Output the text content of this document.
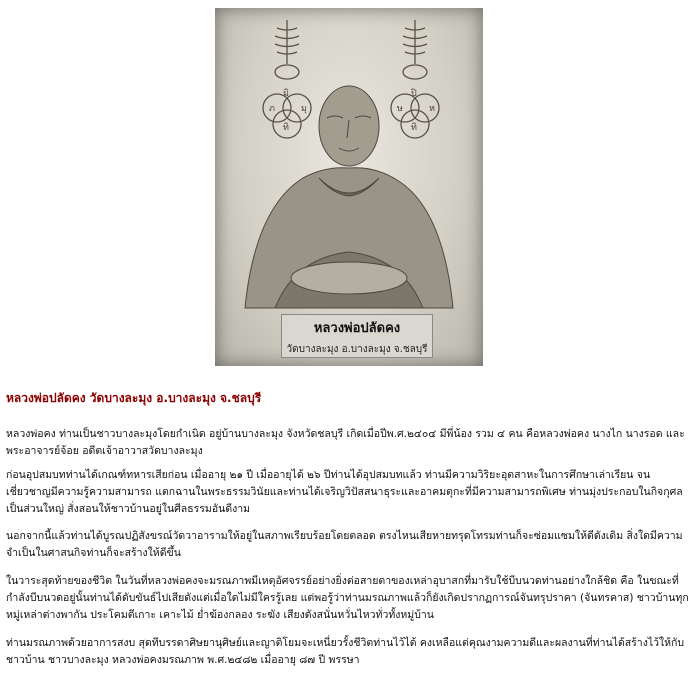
ภ
มิ
มุ
ทิ
ษ
ปิ
ห
ทิ
หลวงพ่อปลัดคง
วัดบางละมุง อ.บางละมุง จ.ชลบุรี
หลวงพ่อปลัดคง วัดบางละมุง อ.บางละมุง จ.ชลบุรี

หลวงพ่อคง ท่านเป็นชาวบางละมุงโดยกำเนิด อยู่บ้านบางละมุง จังหวัดชลบุรี เกิดเมื่อปีพ.ศ.๒๔๐๔ มีพี่น้อง รวม ๔ คน คือหลวงพ่อคง นางไก นางรอด และพระอาจารย์จ้อย อดีตเจ้าอาวาสวัดบางละมุง

ก่อนอุปสมบทท่านได้เกณฑ์ทหารเสียก่อน เมื่ออายุ ๒๑ ปี เมื่ออายุได้ ๒๖ ปีท่านได้อุปสมบทแล้ว ท่านมีความวิริยะอุตสาหะในการศึกษาเล่าเรียน จนเชี่ยวชาญมีความรู้ความสามารถ แตกฉานในพระธรรมวินัยและท่านได้เจริญวิปัสสนาธุระและอาคมตุกะที่มีความสามารถพิเศษ ท่านมุ่งประกอบในกิจกุศลเป็นส่วนใหญ่ สั่งสอนให้ชาวบ้านอยู่ในศีลธรรมอันดีงาม

นอกจากนี้แล้วท่านได้บูรณปฏิสังขรณ์วัดวาอารามให้อยู่ในสภาพเรียบร้อยโดยตลอด ตรงไหนเสียหายทรุดโทรมท่านก็จะซ่อมแซมให้ดีดังเดิม สิ่งใดมีความจำเป็นในศาสนกิจท่านก็จะสร้างให้ดีขึ้น

ในวาระสุดท้ายของชีวิต ในวันที่หลวงพ่อคงจะมรณภาพมีเหตุอัศจรรย์อย่างยิ่งต่อสายตาของเหล่าอุบาสกที่มารับใช้บีบนวดท่านอย่างใกล้ชิด คือ ในขณะที่กำลังบีบนวดอยู่นั้นท่านได้ดับขันธ์ไปเสียดังแต่เมื่อใดไม่มีใครรู้เลย แต่พอรู้ว่าท่านมรณภาพแล้วก็ยังเกิดปรากฏการณ์จันทรุปราคา (จันทรคาส) ชาวบ้านทุกหมู่เหล่าต่างพากัน ประโคมตีเกาะ เคาะไม้ ย่ำฆ้องกลอง ระฆัง เสียงดังสนั่นหวั่นไหวทั่วทั้งหมู่บ้าน

ท่านมรณภาพด้วยอาการสงบ สุดทีบรรดาศิษยานุศิษย์และญาติโยมจะเหนี่ยวรั้งชีวิตท่านไว้ได้ คงเหลือแต่คุณงามความดีและผลงานที่ท่านได้สร้างไว้ให้กับชาวบ้าน ชาวบางละมุง หลวงพ่อคงมรณภาพ พ.ศ.๒๔๘๒ เมื่ออายุ ๘๗ ปี พรรษา
